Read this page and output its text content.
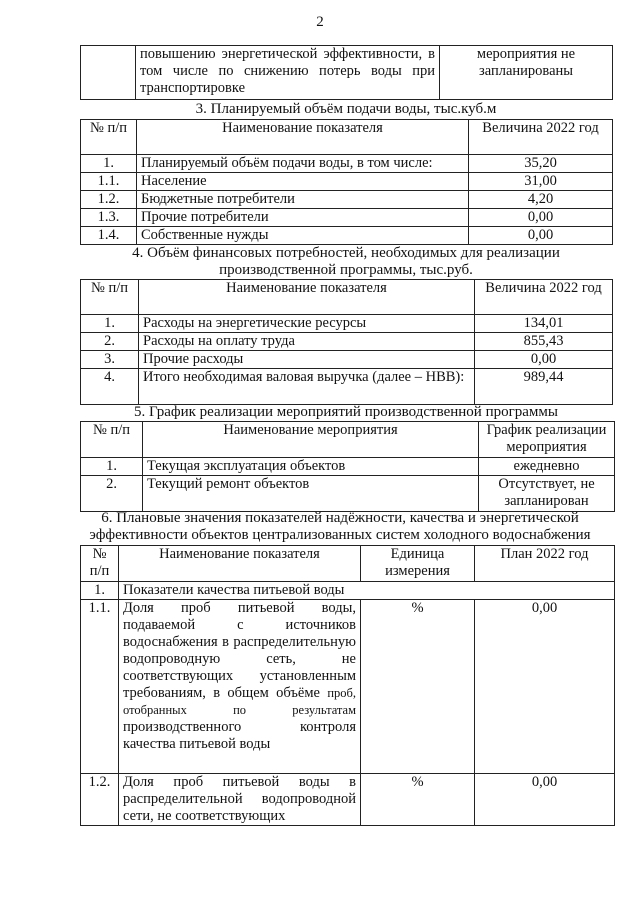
2
	повышению энергетической эффективности, в том числе по снижению потерь воды при транспортировке	мероприятия не запланированы
3. Планируемый объём подачи воды, тыс.куб.м
№ п/п	Наименование показателя	Величина 2022 год
1.	Планируемый объём подачи воды, в том числе:	35,20
1.1.	Население	31,00
1.2.	Бюджетные потребители	4,20
1.3.	Прочие потребители	0,00
1.4.	Собственные нужды	0,00
4. Объём финансовых потребностей, необходимых для реализации
производственной программы, тыс.руб.
№ п/п	Наименование показателя	Величина 2022 год
1.	Расходы на энергетические ресурсы	134,01
2.	Расходы на оплату труда	855,43
3.	Прочие расходы	0,00
4.	Итого необходимая валовая выручка (далее – НВВ):	989,44
5. График реализации мероприятий производственной программы
№ п/п	Наименование мероприятия	График реализации мероприятия
1.	Текущая эксплуатация объектов	ежедневно
2.	Текущий ремонт объектов	Отсутствует, не запланирован
6. Плановые значения показателей надёжности, качества и энергетической
эффективности объектов централизованных систем холодного водоснабжения
№ п/п	Наименование показателя	Единица измерения	План 2022 год
1.	Показатели качества питьевой воды		
1.1.	Доля проб питьевой воды, подаваемой с источников водоснабжения в распределительную водопроводную сеть, не соответствующих установленным требованиям, в общем объёме проб, отобранных по результатам производственного контроля качества питьевой воды	%	0,00
1.2.	Доля проб питьевой воды в распределительной водопроводной сети, не соответствующих	%	0,00
